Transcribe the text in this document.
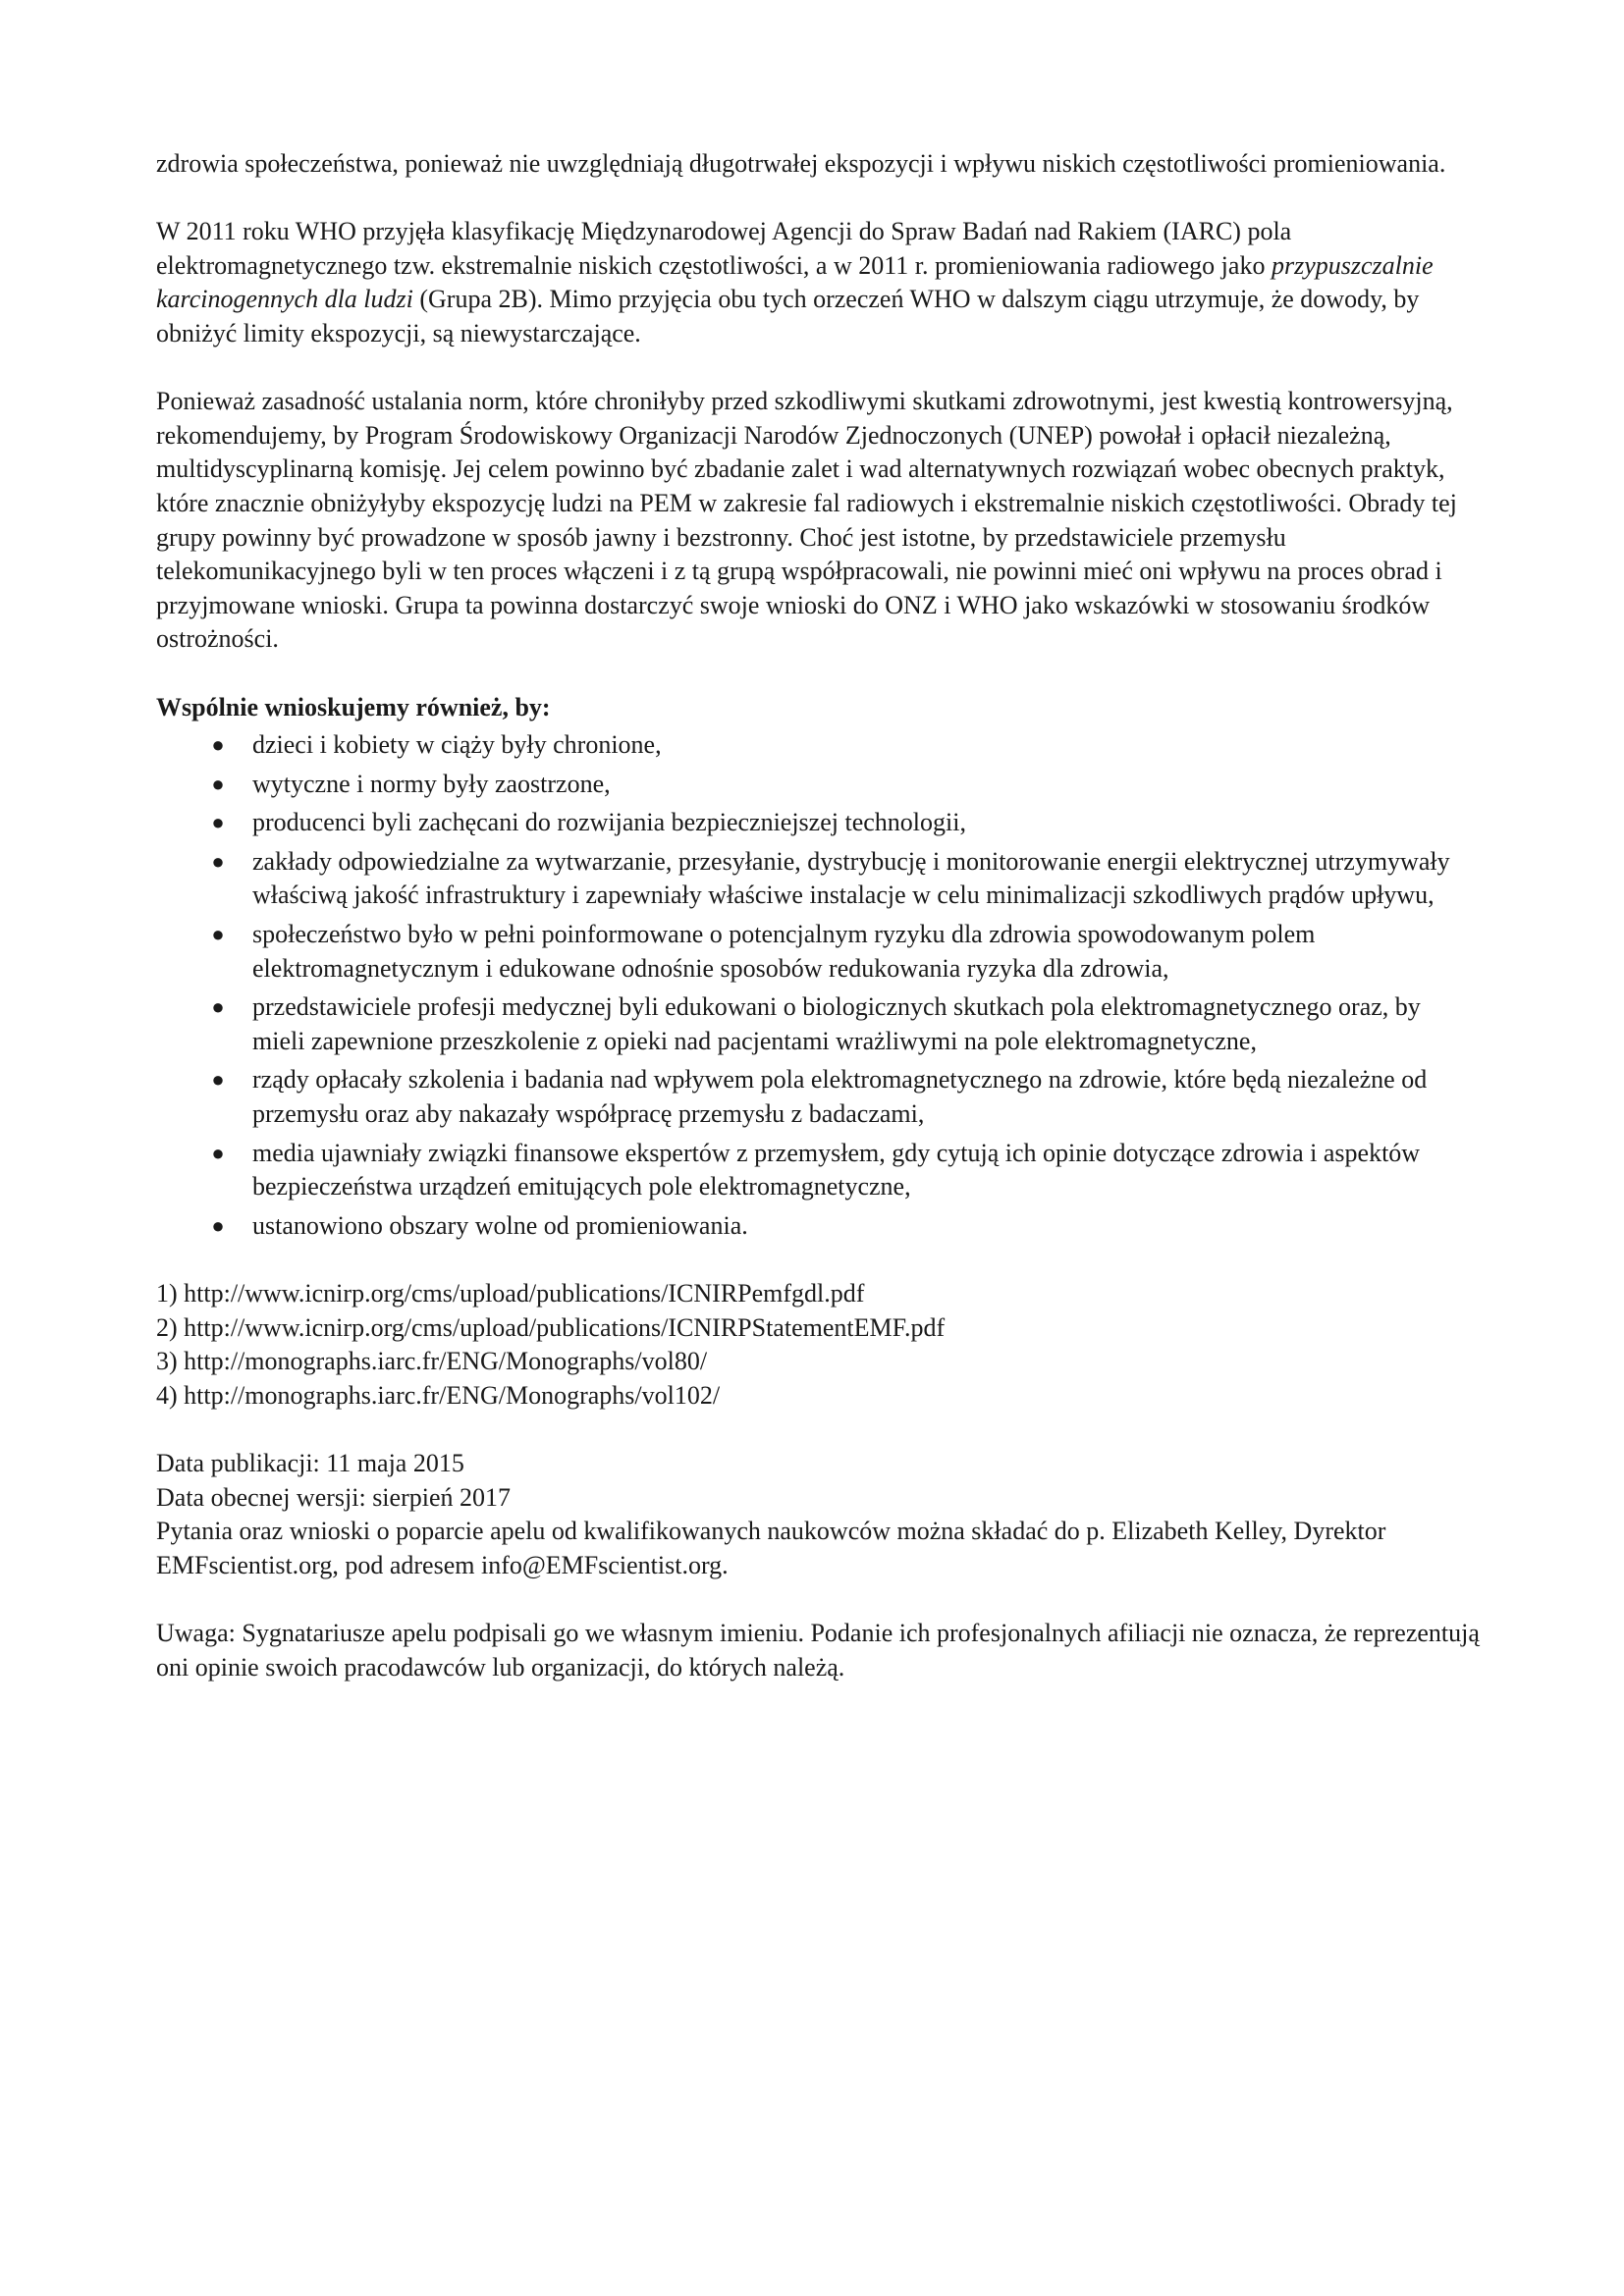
zdrowia społeczeństwa, ponieważ nie uwzględniają długotrwałej ekspozycji i wpływu niskich częstotliwości promieniowania.

W 2011 roku WHO przyjęła klasyfikację Międzynarodowej Agencji do Spraw Badań nad Rakiem (IARC) pola elektromagnetycznego tzw. ekstremalnie niskich częstotliwości, a w 2011 r. promieniowania radiowego jako przypuszczalnie karcinogennych dla ludzi (Grupa 2B). Mimo przyjęcia obu tych orzeczeń WHO w dalszym ciągu utrzymuje, że dowody, by obniżyć limity ekspozycji, są niewystarczające.

Ponieważ zasadność ustalania norm, które chroniłyby przed szkodliwymi skutkami zdrowotnymi, jest kwestią kontrowersyjną, rekomendujemy, by Program Środowiskowy Organizacji Narodów Zjednoczonych (UNEP) powołał i opłacił niezależną, multidyscyplinarną komisję. Jej celem powinno być zbadanie zalet i wad alternatywnych rozwiązań wobec obecnych praktyk, które znacznie obniżyłyby ekspozycję ludzi na PEM w zakresie fal radiowych i ekstremalnie niskich częstotliwości. Obrady tej grupy powinny być prowadzone w sposób jawny i bezstronny. Choć jest istotne, by przedstawiciele przemysłu telekomunikacyjnego byli w ten proces włączeni i z tą grupą współpracowali, nie powinni mieć oni wpływu na proces obrad i przyjmowane wnioski. Grupa ta powinna dostarczyć swoje wnioski do ONZ i WHO jako wskazówki w stosowaniu środków ostrożności.

Wspólnie wnioskujemy również, by:
● dzieci i kobiety w ciąży były chronione,
● wytyczne i normy były zaostrzone,
● producenci byli zachęcani do rozwijania bezpieczniejszej technologii,
● zakłady odpowiedzialne za wytwarzanie, przesyłanie, dystrybucję i monitorowanie energii elektrycznej utrzymywały właściwą jakość infrastruktury i zapewniały właściwe instalacje w celu minimalizacji szkodliwych prądów upływu,
● społeczeństwo było w pełni poinformowane o potencjalnym ryzyku dla zdrowia spowodowanym polem elektromagnetycznym i edukowane odnośnie sposobów redukowania ryzyka dla zdrowia,
● przedstawiciele profesji medycznej byli edukowani o biologicznych skutkach pola elektromagnetycznego oraz, by mieli zapewnione przeszkolenie z opieki nad pacjentami wrażliwymi na pole elektromagnetyczne,
● rządy opłacały szkolenia i badania nad wpływem pola elektromagnetycznego na zdrowie, które będą niezależne od przemysłu oraz aby nakazały współpracę przemysłu z badaczami,
● media ujawniały związki finansowe ekspertów z przemysłem, gdy cytują ich opinie dotyczące zdrowia i aspektów bezpieczeństwa urządzeń emitujących pole elektromagnetyczne,
● ustanowiono obszary wolne od promieniowania.
1) http://www.icnirp.org/cms/upload/publications/ICNIRPemfgdl.pdf
2) http://www.icnirp.org/cms/upload/publications/ICNIRPStatementEMF.pdf
3) http://monographs.iarc.fr/ENG/Monographs/vol80/
4) http://monographs.iarc.fr/ENG/Monographs/vol102/

Data publikacji: 11 maja 2015
Data obecnej wersji: sierpień 2017
Pytania oraz wnioski o poparcie apelu od kwalifikowanych naukowców można składać do p. Elizabeth Kelley, Dyrektor EMFscientist.org, pod adresem info@EMFscientist.org.

Uwaga: Sygnatariusze apelu podpisali go we własnym imieniu. Podanie ich profesjonalnych afiliacji nie oznacza, że reprezentują oni opinie swoich pracodawców lub organizacji, do których należą.
